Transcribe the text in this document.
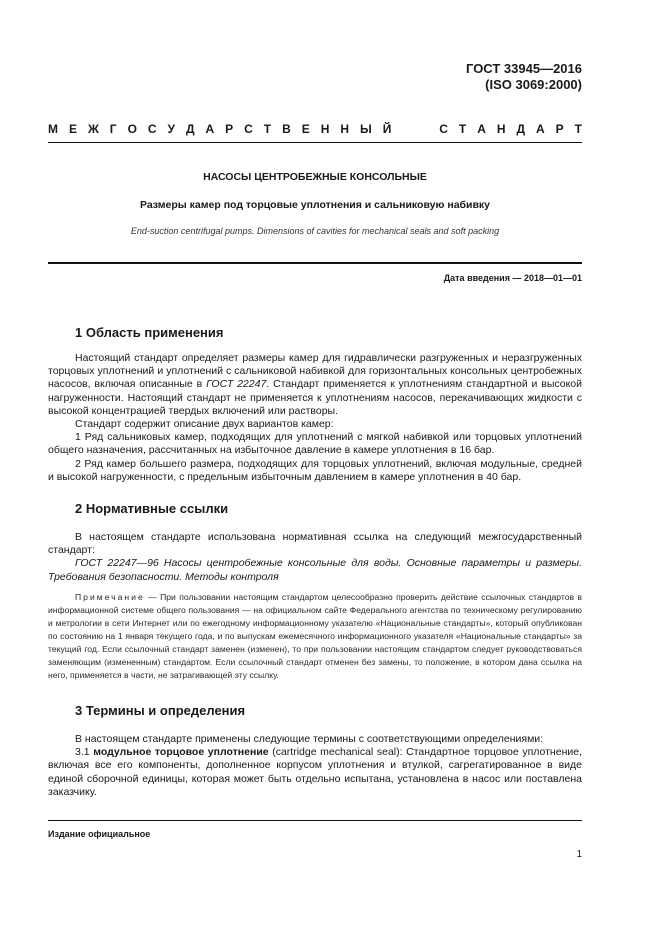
ГОСТ 33945—2016
(ISO 3069:2000)
М Е Ж Г О С У Д А Р С Т В Е Н Н Ы Й	С Т А Н Д А Р Т
НАСОСЫ ЦЕНТРОБЕЖНЫЕ КОНСОЛЬНЫЕ
Размеры камер под торцовые уплотнения и сальниковую набивку
End-suction centrifugal pumps. Dimensions of cavities for mechanical seals and soft packing
Дата введения — 2018—01—01
1 Область применения

Настоящий стандарт определяет размеры камер для гидравлически разгруженных и неразгруженных торцовых уплотнений и уплотнений с сальниковой набивкой для горизонтальных консольных центробежных насосов, включая описанные в ГОСТ 22247. Стандарт применяется к уплотнениям стандартной и высокой нагруженности. Настоящий стандарт не применяется к уплотнениям насосов, перекачивающих жидкости с высокой концентрацией твердых включений или растворы.

Стандарт содержит описание двух вариантов камер:

1 Ряд сальниковых камер, подходящих для уплотнений с мягкой набивкой или торцовых уплотнений общего назначения, рассчитанных на избыточное давление в камере уплотнения в 16 бар.

2 Ряд камер большего размера, подходящих для торцовых уплотнений, включая модульные, средней и высокой нагруженности, с предельным избыточным давлением в камере уплотнения в 40 бар.

2 Нормативные ссылки

В настоящем стандарте использована нормативная ссылка на следующий межгосударственный стандарт:

ГОСТ 22247—96 Насосы центробежные консольные для воды. Основные параметры и размеры. Требования безопасности. Методы контроля

Примечание — При пользовании настоящим стандартом целесообразно проверить действие ссылочных стандартов в информационной системе общего пользования — на официальном сайте Федерального агентства по техническому регулированию и метрологии в сети Интернет или по ежегодному информационному указателю «Национальные стандарты», который опубликован по состоянию на 1 января текущего года, и по выпускам ежемесячного информационного указателя «Национальные стандарты» за текущий год. Если ссылочный стандарт заменен (изменен), то при пользовании настоящим стандартом следует руководствоваться заменяющим (измененным) стандартом. Если ссылочный стандарт отменен без замены, то положение, в котором дана ссылка на него, применяется в части, не затрагивающей эту ссылку.

3 Термины и определения

В настоящем стандарте применены следующие термины с соответствующими определениями:

3.1 модульное торцовое уплотнение (cartridge mechanical seal): Стандартное торцовое уплотнение, включая все его компоненты, дополненное корпусом уплотнения и втулкой, сагрегатированное в виде единой сборочной единицы, которая может быть отдельно испытана, установлена в насос или поставлена заказчику.

Издание официальное
1
